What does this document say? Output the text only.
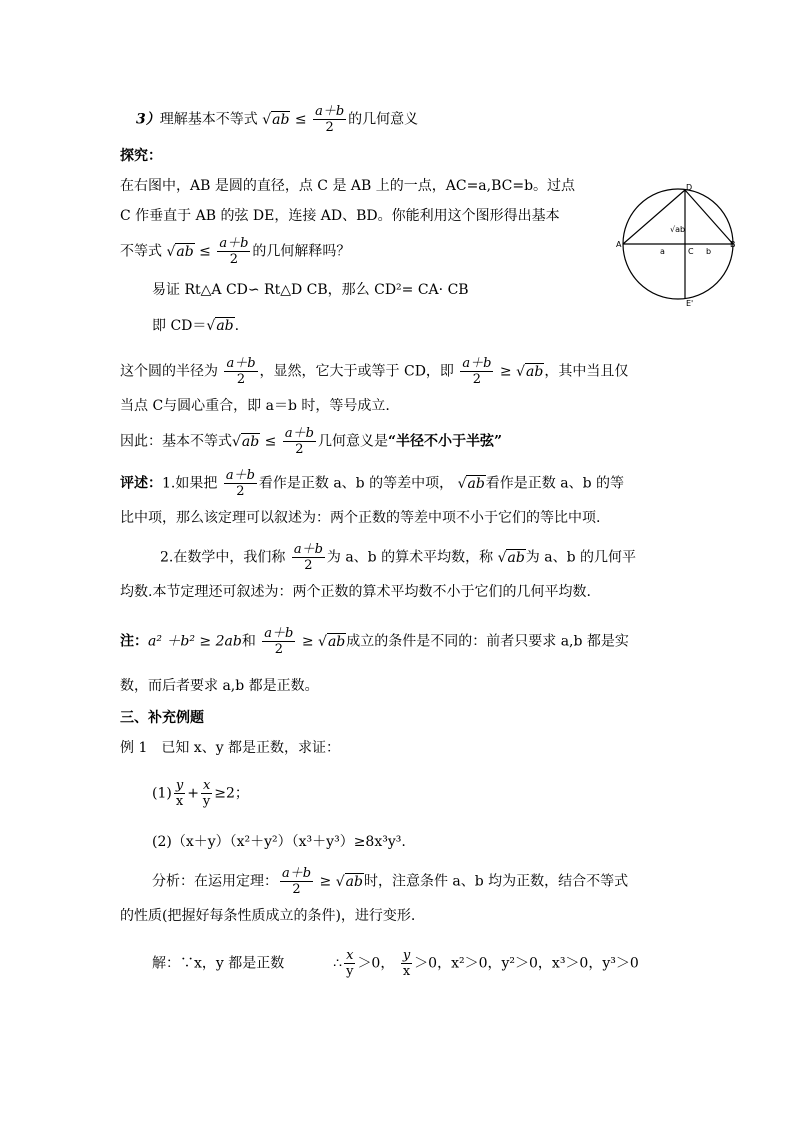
3）理解基本不等式 $√ab \le \frac{a+b}{2}$ 的几何意义
探究：
在右图中，AB 是圆的直径，点 C 是 AB 上的一点，AC=a,BC=b。过点
C 作垂直于 AB 的弦 DE，连接 AD、BD。你能利用这个图形得出基本
不等式 $√ab \le \frac{a+b}{2}$ 的几何解释吗？	A	B
C
D
E'
a	b
√ab
易证 Rt△A CD∽ Rt△D CB，那么 CD²= CA· CB
即 CD＝√ab.
这个圆的半径为 $\frac{a+b}{2}$ ，显然，它大于或等于 CD，即 $\frac{a+b}{2} \ge √ab$，其中当且仅
当点 C与圆心重合，即 a＝b 时，等号成立.
因此：基本不等式$√ab \le \frac{a+b}{2}$ 几何意义是“半径不小于半弦”
评述：1.如果把 $\frac{a+b}{2}$ 看作是正数 a、b 的等差中项， √ab看作是正数 a、b 的等
比中项，那么该定理可以叙述为：两个正数的等差中项不小于它们的等比中项.
2.在数学中，我们称 $\frac{a+b}{2}$ 为 a、b 的算术平均数，称 √ab为 a、b 的几何平
均数.本节定理还可叙述为：两个正数的算术平均数不小于它们的几何平均数.
注：a² ＋b² ≥ 2ab和 $\frac{a+b}{2} \ge √ab$成立的条件是不同的：前者只要求 a,b 都是实
数，而后者要求 a,b 都是正数。
三、补充例题
例 1　已知 x、y 都是正数，求证：
$(1) \frac{y}{x} + \frac{x}{y} \ge 2$；
(2)（x＋y）（x²＋y²）（x³＋y³）≥8x³y³.
分析：在运用定理： $\frac{a+b}{2} \ge √ab$时，注意条件 a、b 均为正数，结合不等式
的性质(把握好每条性质成立的条件)，进行变形.
解：∵x，y 都是正数	∴ $\frac{x}{y} >0$， $\frac{y}{x} >0$，x²＞0，y²＞0，x³＞0，y³＞0
